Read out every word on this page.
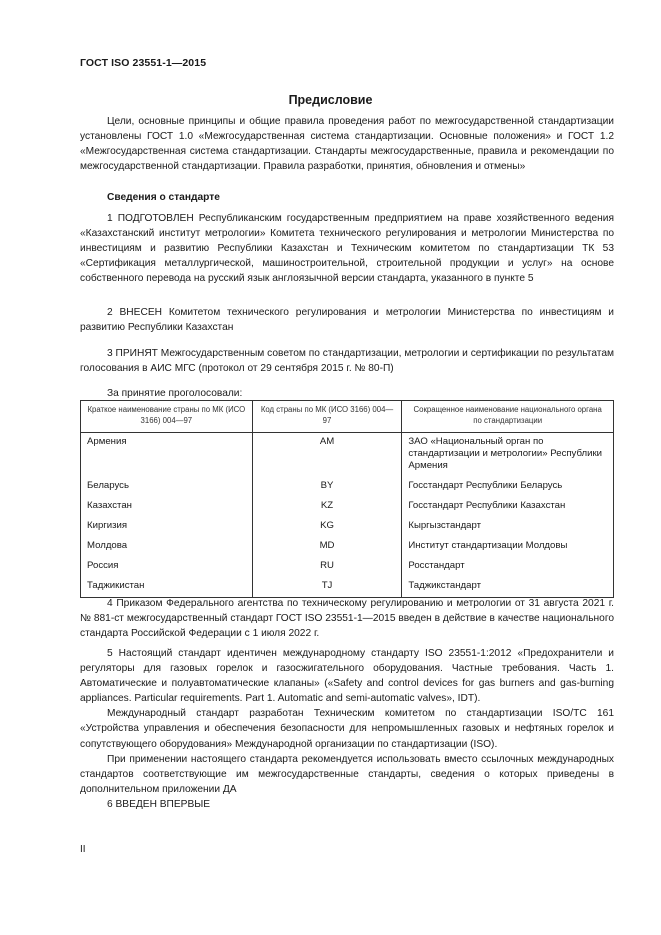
ГОСТ ISO 23551-1—2015
Предисловие

Цели, основные принципы и общие правила проведения работ по межгосударственной стандартизации установлены ГОСТ 1.0 «Межгосударственная система стандартизации. Основные положения» и ГОСТ 1.2 «Межгосударственная система стандартизации. Стандарты межгосударственные, правила и рекомендации по межгосударственной стандартизации. Правила разработки, принятия, обновления и отмены»

Сведения о стандарте

1 ПОДГОТОВЛЕН Республиканским государственным предприятием на праве хозяйственного ведения «Казахстанский институт метрологии» Комитета технического регулирования и метрологии Министерства по инвестициям и развитию Республики Казахстан и Техническим комитетом по стандартизации ТК 53 «Сертификация металлургической, машиностроительной, строительной продукции и услуг» на основе собственного перевода на русский язык англоязычной версии стандарта, указанного в пункте 5

2 ВНЕСЕН Комитетом технического регулирования и метрологии Министерства по инвестициям и развитию Республики Казахстан

3 ПРИНЯТ Межгосударственным советом по стандартизации, метрологии и сертификации по результатам голосования в АИС МГС (протокол от 29 сентября 2015 г. № 80-П)

За принятие проголосовали:

Краткое наименование страны по МК (ИСО 3166) 004—97	Код страны по МК (ИСО 3166) 004—97	Сокращенное наименование национального органа по стандартизации
Армения	AM	ЗАО «Национальный орган по стандартизации и метрологии» Республики Армения
Беларусь	BY	Госстандарт Республики Беларусь
Казахстан	KZ	Госстандарт Республики Казахстан
Киргизия	KG	Кыргызстандарт
Молдова	MD	Институт стандартизации Молдовы
Россия	RU	Росстандарт
Таджикистан	TJ	Таджикстандарт

4 Приказом Федерального агентства по техническому регулированию и метрологии от 31 августа 2021 г. № 881-ст межгосударственный стандарт ГОСТ ISO 23551-1—2015 введен в действие в качестве национального стандарта Российской Федерации с 1 июля 2022 г.

5 Настоящий стандарт идентичен международному стандарту ISO 23551-1:2012 «Предохранители и регуляторы для газовых горелок и газосжигательного оборудования. Частные требования. Часть 1. Автоматические и полуавтоматические клапаны» («Safety and control devices for gas burners and gas-burning appliances. Particular requirements. Part 1. Automatic and semi-automatic valves», IDT).

Международный стандарт разработан Техническим комитетом по стандартизации ISO/TC 161 «Устройства управления и обеспечения безопасности для непромышленных газовых и нефтяных горелок и сопутствующего оборудования» Международной организации по стандартизации (ISO).

При применении настоящего стандарта рекомендуется использовать вместо ссылочных международных стандартов соответствующие им межгосударственные стандарты, сведения о которых приведены в дополнительном приложении ДА

6 ВВЕДЕН ВПЕРВЫЕ

II
